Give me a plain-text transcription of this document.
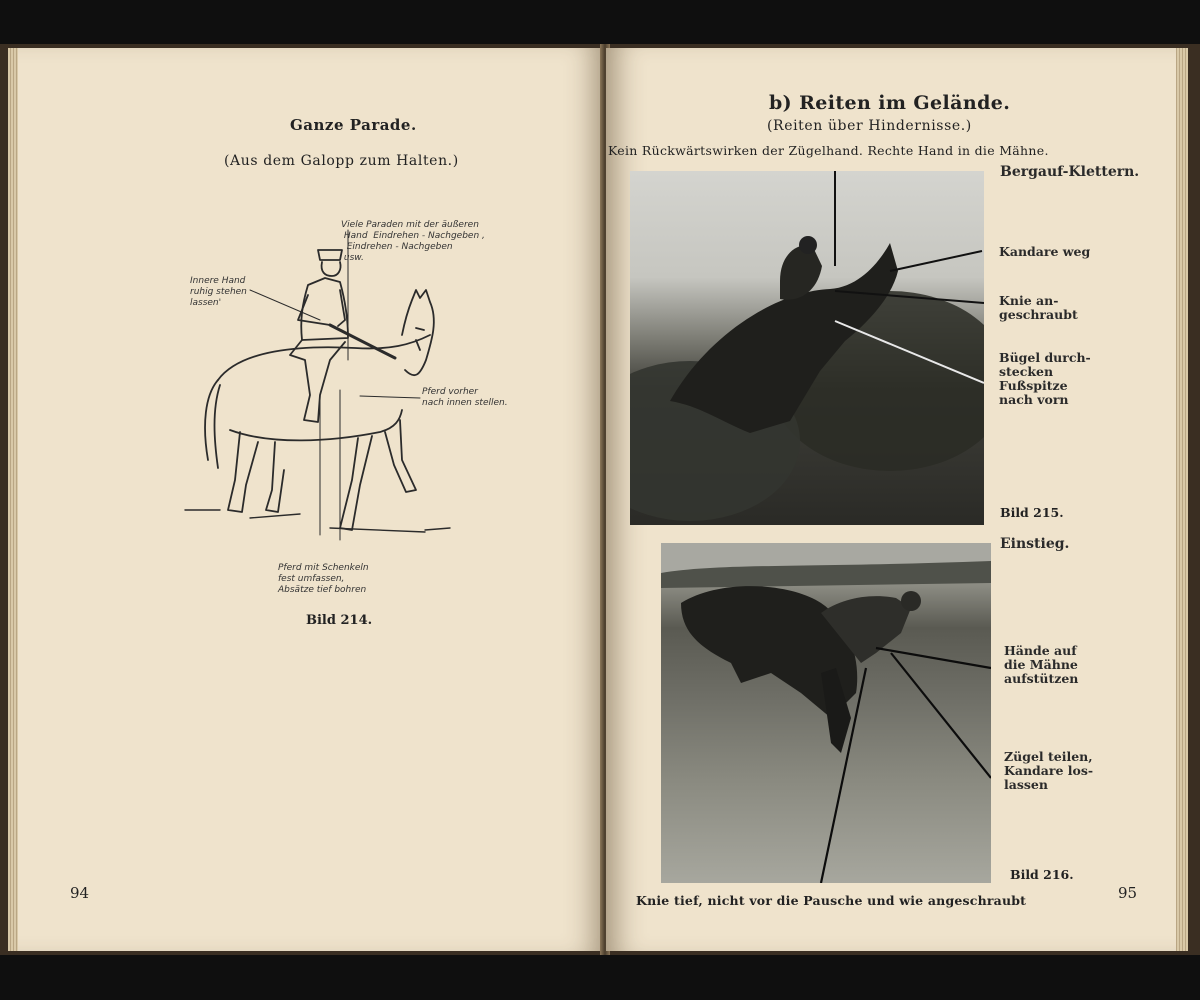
Ganze Parade.
(Aus dem Galopp zum Halten.)
Viele Paraden mit der äußeren
Hand  Eindrehen - Nachgeben ,
Eindrehen - Nachgeben
usw.
Innere Hand
ruhig stehen
lassen'
Pferd vorher
nach innen stellen.
Pferd mit Schenkeln
fest umfassen,
Absätze tief bohren
Bild 214.
94
b) Reiten im Gelände.
(Reiten über Hindernisse.)
Kein Rückwärtswirken der Zügelhand. Rechte Hand in die Mähne.
Bergauf-Klettern.
Kandare weg
Knie an-
geschraubt
Bügel durch-
stecken
Fußspitze
nach vorn
Bild 215.
Einstieg.
Hände auf
die Mähne
aufstützen
Zügel teilen,
Kandare los-
lassen
Bild 216.
Knie tief, nicht vor die Pausche und wie angeschraubt	95
